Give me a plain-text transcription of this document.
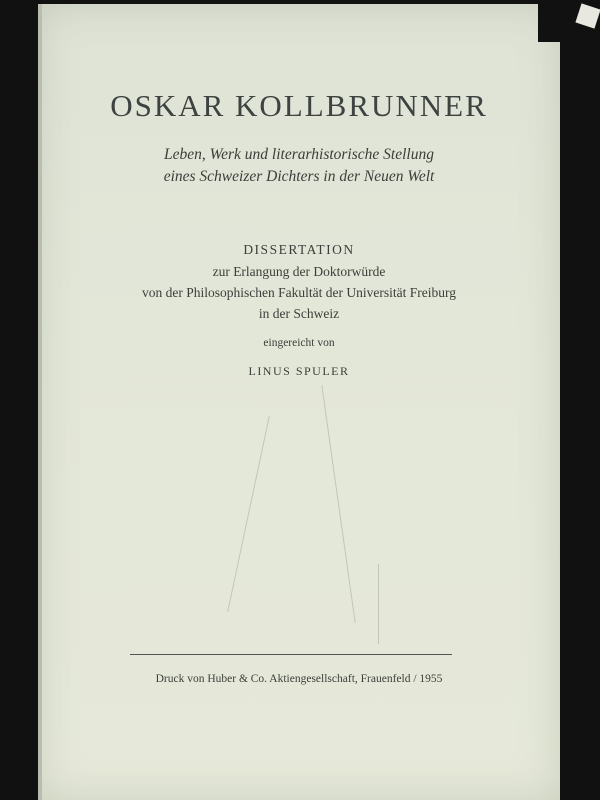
OSKAR KOLLBRUNNER
Leben, Werk und literarhistorische Stellung
eines Schweizer Dichters in der Neuen Welt
DISSERTATION
zur Erlangung der Doktorwürde
von der Philosophischen Fakultät der Universität Freiburg
in der Schweiz
eingereicht von
LINUS SPULER
Druck von Huber & Co. Aktiengesellschaft, Frauenfeld / 1955
